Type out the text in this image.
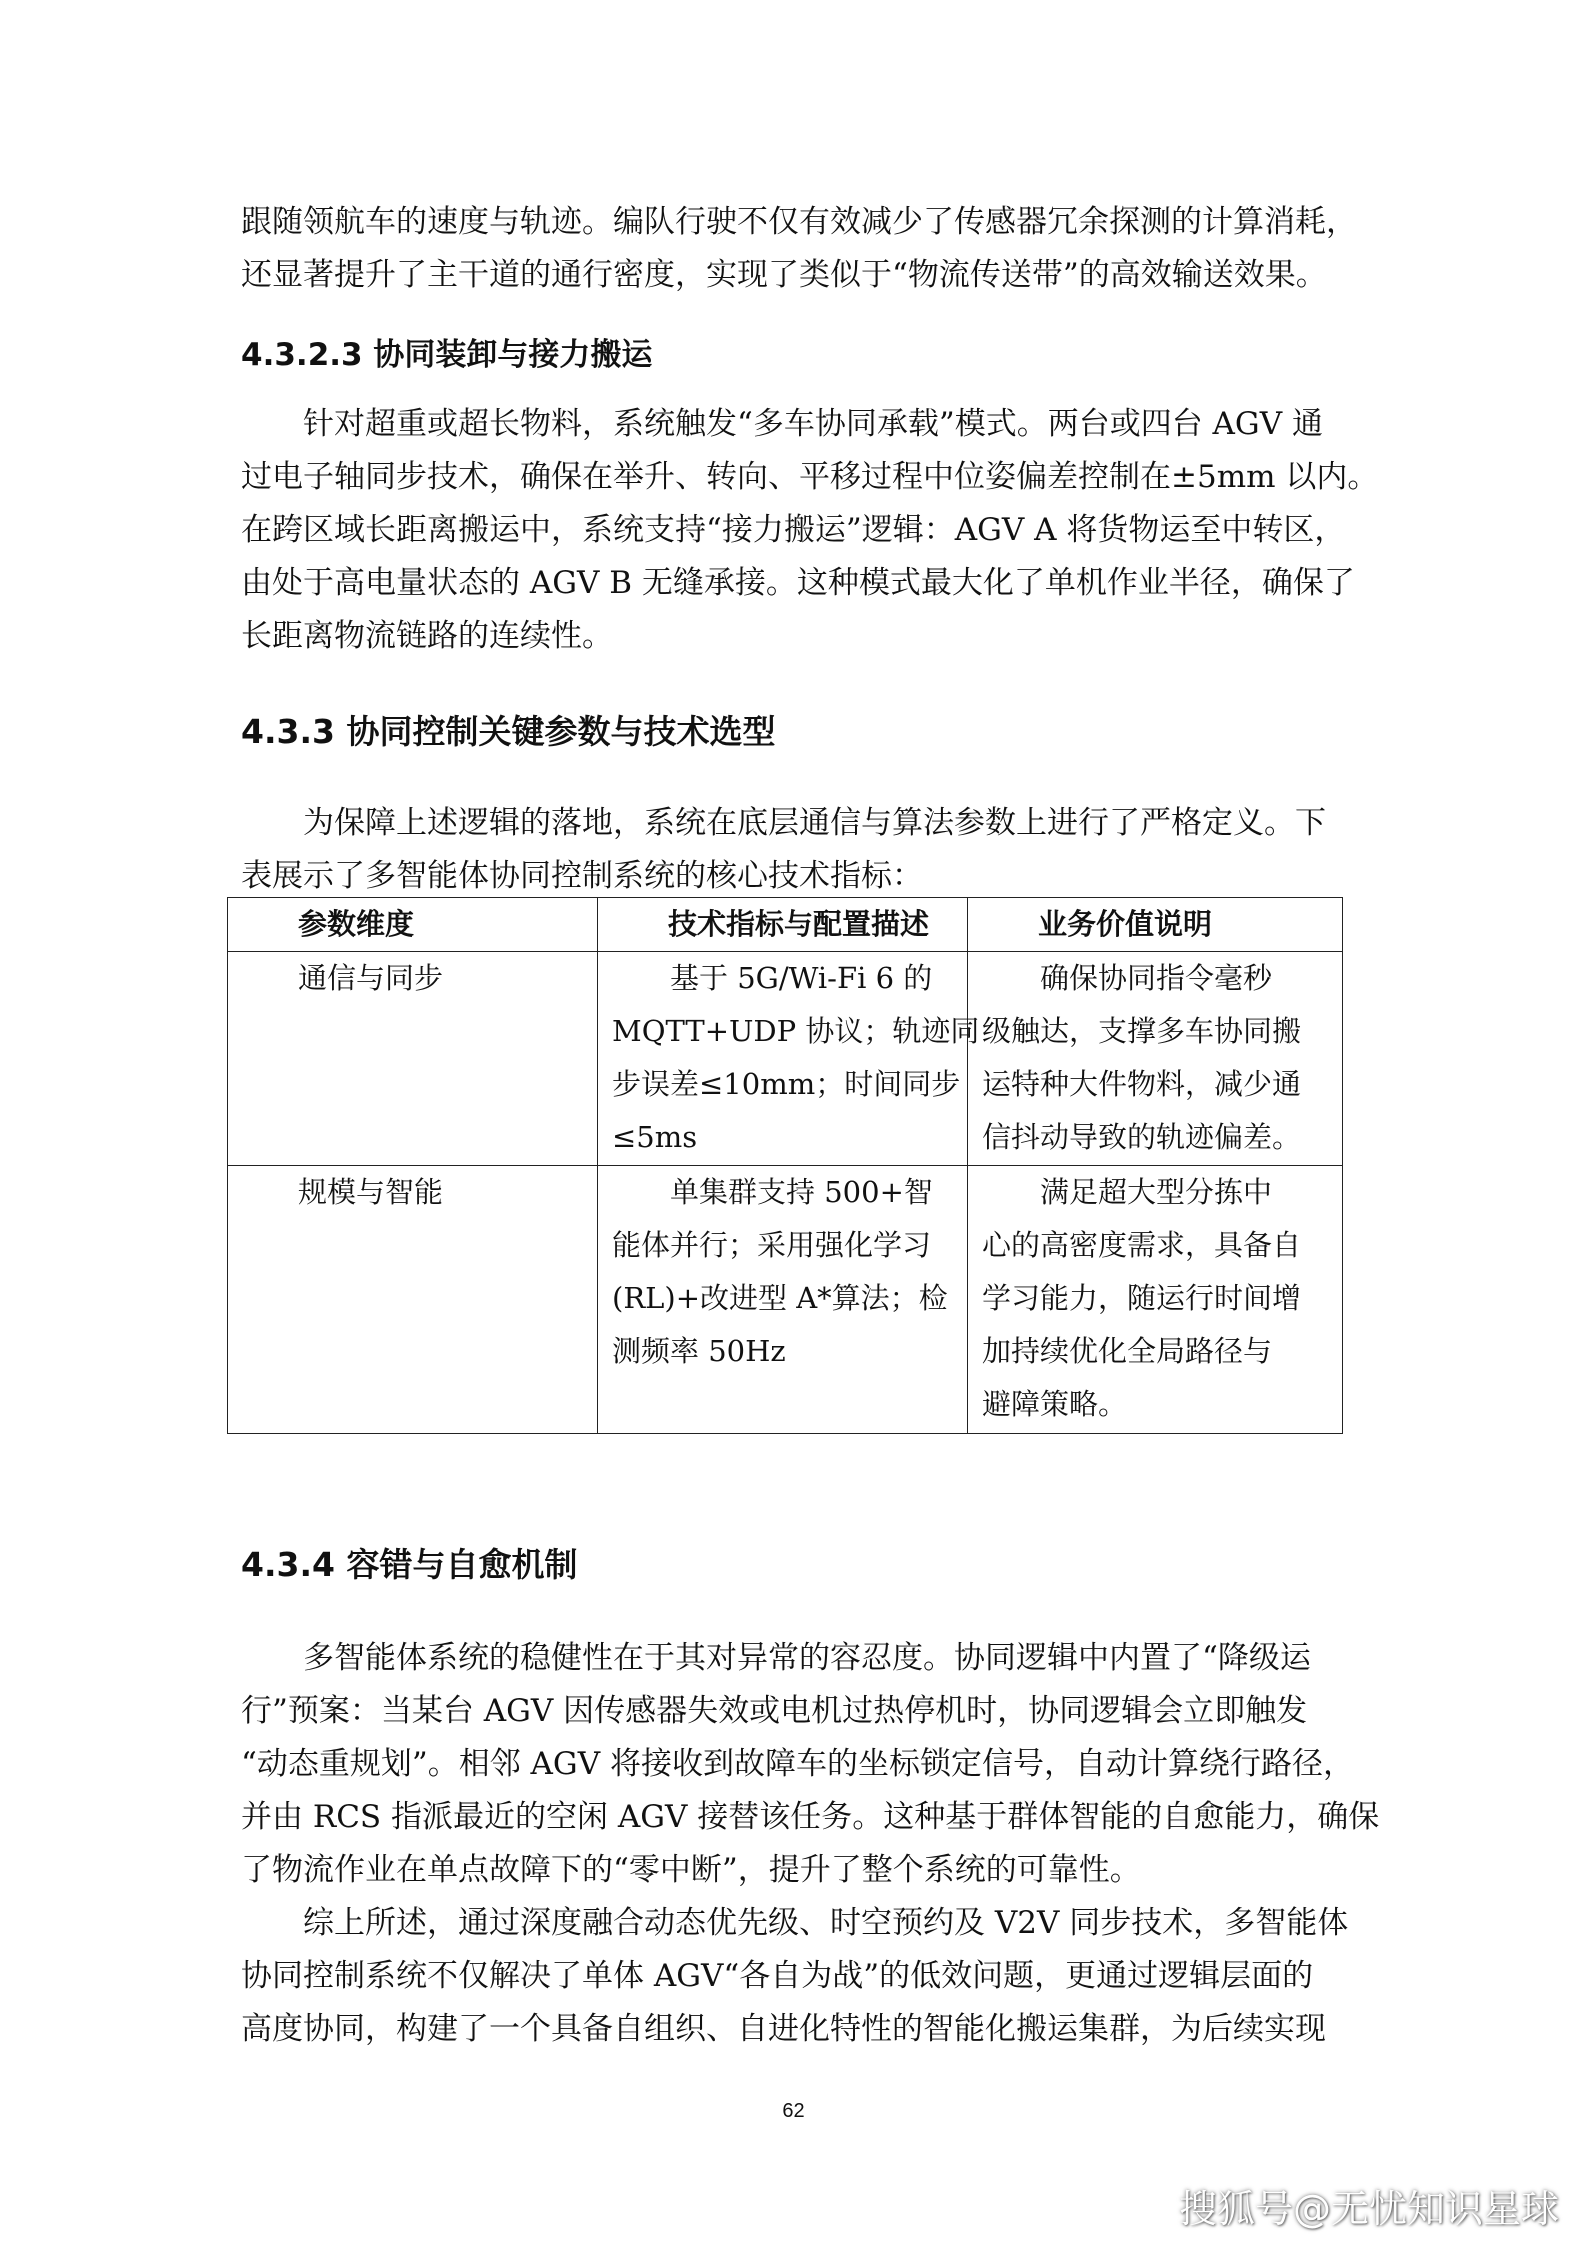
跟随领航车的速度与轨迹。编队行驶不仅有效减少了传感器冗余探测的计算消耗，
还显著提升了主干道的通行密度，实现了类似于“物流传送带”的高效输送效果。
4.3.2.3 协同装卸与接力搬运
针对超重或超长物料，系统触发“多车协同承载”模式。两台或四台 AGV 通
过电子轴同步技术，确保在举升、转向、平移过程中位姿偏差控制在±5mm 以内。
在跨区域长距离搬运中，系统支持“接力搬运”逻辑：AGV A 将货物运至中转区，
由处于高电量状态的 AGV B 无缝承接。这种模式最大化了单机作业半径，确保了
长距离物流链路的连续性。
4.3.3 协同控制关键参数与技术选型
为保障上述逻辑的落地，系统在底层通信与算法参数上进行了严格定义。下
表展示了多智能体协同控制系统的核心技术指标：
参数维度	技术指标与配置描述	业务价值说明
通信与同步	基于 5G/Wi-Fi 6 的
MQTT+UDP 协议；轨迹同
步误差≤10mm；时间同步
≤5ms	确保协同指令毫秒
级触达，支撑多车协同搬
运特种大件物料，减少通
信抖动导致的轨迹偏差。

规模与智能	单集群支持 500+智
能体并行；采用强化学习
(RL)+改进型 A*算法；检
测频率 50Hz	满足超大型分拣中
心的高密度需求，具备自
学习能力，随运行时间增
加持续优化全局路径与
避障策略。
4.3.4 容错与自愈机制
多智能体系统的稳健性在于其对异常的容忍度。协同逻辑中内置了“降级运
行”预案：当某台 AGV 因传感器失效或电机过热停机时，协同逻辑会立即触发
“动态重规划”。相邻 AGV 将接收到故障车的坐标锁定信号，自动计算绕行路径，
并由 RCS 指派最近的空闲 AGV 接替该任务。这种基于群体智能的自愈能力，确保
了物流作业在单点故障下的“零中断”，提升了整个系统的可靠性。
综上所述，通过深度融合动态优先级、时空预约及 V2V 同步技术，多智能体
协同控制系统不仅解决了单体 AGV“各自为战”的低效问题，更通过逻辑层面的
高度协同，构建了一个具备自组织、自进化特性的智能化搬运集群，为后续实现
62
搜狐号@无忧知识星球
